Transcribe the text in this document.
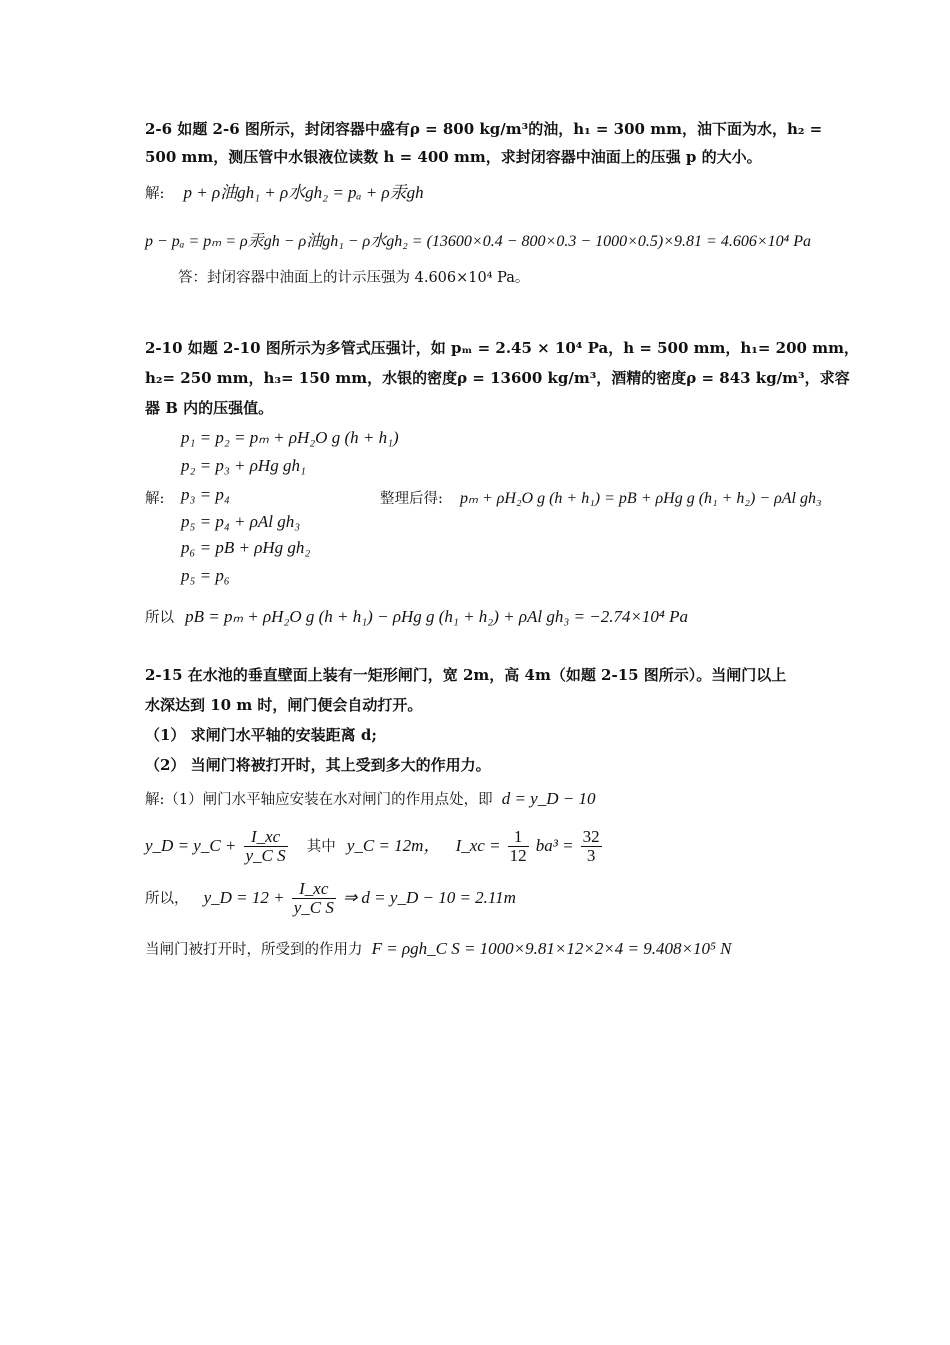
2-6 如题 2-6 图所示，封闭容器中盛有ρ = 800 kg/m³的油，h₁ = 300 mm，油下面为水，h₂ =
500 mm，测压管中水银液位读数 h = 400 mm，求封闭容器中油面上的压强 p 的大小。
解: p + ρ油gh₁ + ρ水gh₂ = pₐ + ρ汞gh
p − pₐ = pₘ = ρ汞gh − ρ油gh₁ − ρ水gh₂ = (13600×0.4 − 800×0.3 − 1000×0.5)×9.81 = 4.606×10⁴ Pa
答：封闭容器中油面上的计示压强为 4.606×10⁴ Pa。
2-10 如题 2-10 图所示为多管式压强计，如 pₘ = 2.45 × 10⁴ Pa，h = 500 mm，h₁= 200 mm，
h₂= 250 mm，h₃= 150 mm，水银的密度ρ = 13600 kg/m³，酒精的密度ρ = 843 kg/m³，求容
器 B 内的压强值。
p₁ = p₂ = pₘ + ρH₂O g (h + h₁)
p₂ = p₃ + ρHg gh₁
p₃ = p₄
p₅ = p₄ + ρAl gh₃
p₆ = pB + ρHg gh₂
p₅ = p₆
解:	整理后得: pₘ + ρH₂O g (h + h₁) = pB + ρHg g (h₁ + h₂) − ρAl gh₃
所以 pB = pₘ + ρH₂O g (h + h₁) − ρHg g (h₁ + h₂) + ρAl gh₃ = −2.74×10⁴ Pa
2-15 在水池的垂直壁面上装有一矩形闸门，宽 2m，高 4m（如题 2-15 图所示）。当闸门以上
水深达到 10 m 时，闸门便会自动打开。
（1） 求闸门水平轴的安装距离 d;
（2） 当闸门将被打开时，其上受到多大的作用力。
解:（1）闸门水平轴应安装在水对闸门的作用点处，即 d = y_D − 10
y_D = y_C + $\frac{I\_xc}{\text{y\_C S}}$ 其中 y_C = 12m， I_xc = $\frac{1}{12} ba^3 = \frac{32}{3}$
所以， y_D = $12 + \frac{I\_xc}{\text{y\_C S}}$ ⇒ d = y_D − 10 = 2.11m
当闸门被打开时，所受到的作用力 F = ρgh_C S = 1000×9.81×12×2×4 = 9.408×10⁵ N
